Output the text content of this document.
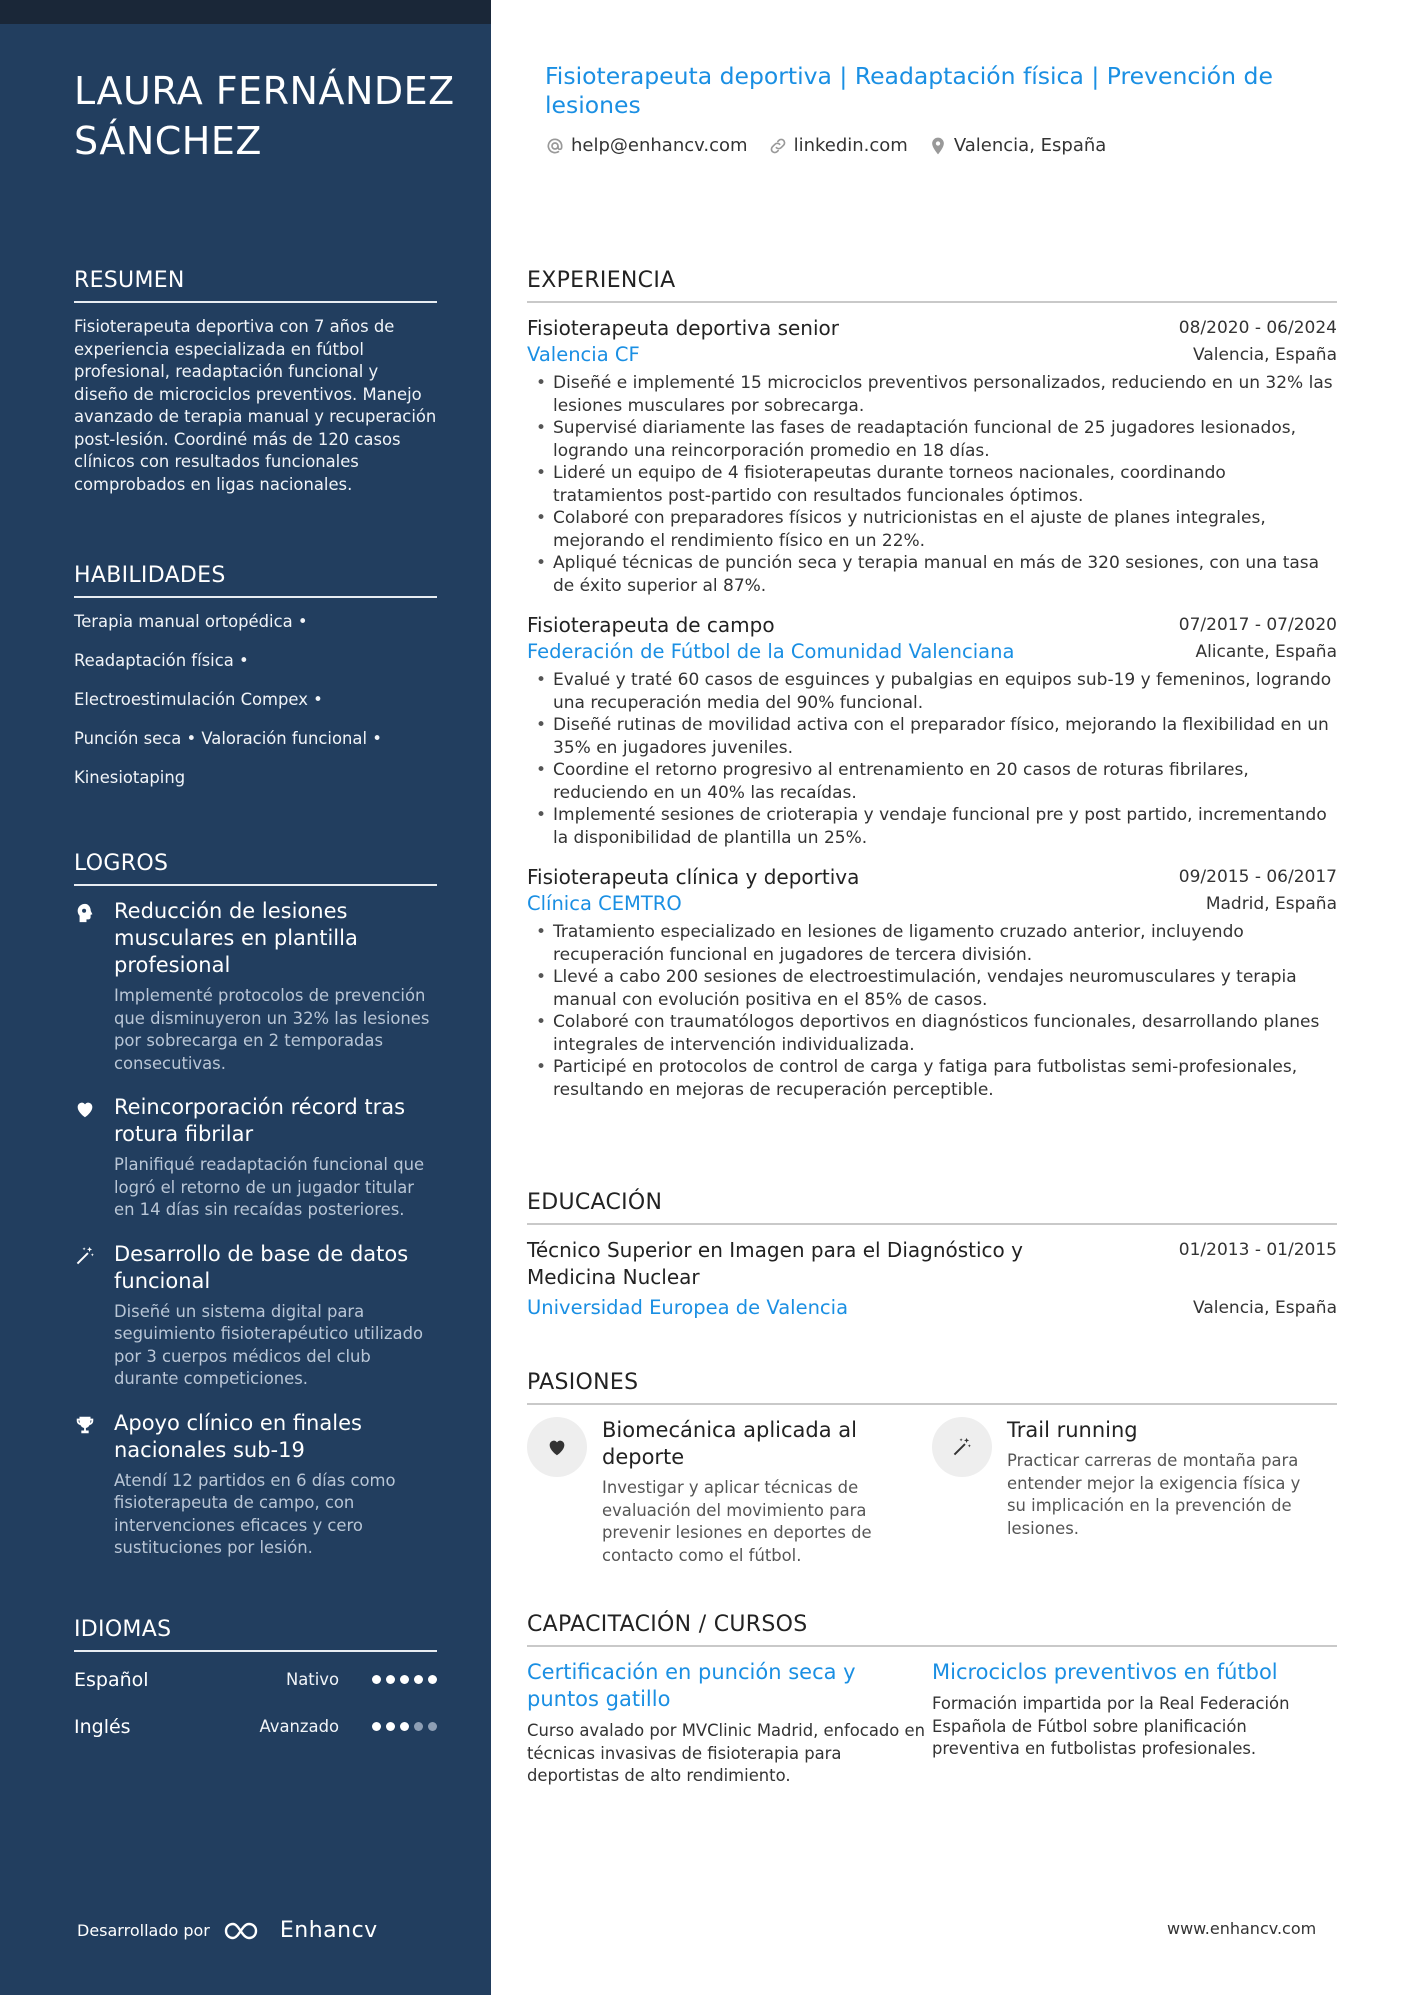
LAURA FERNÁNDEZ SÁNCHEZ
RESUMEN
Fisioterapeuta deportiva con 7 años de experiencia especializada en fútbol profesional, readaptación funcional y diseño de microciclos preventivos. Manejo avanzado de terapia manual y recuperación post-lesión. Coordiné más de 120 casos clínicos con resultados funcionales comprobados en ligas nacionales.
HABILIDADES
Terapia manual ortopédica •
Readaptación física •
Electroestimulación Compex •
Punción seca • Valoración funcional •
Kinesiotaping
LOGROS
Reducción de lesiones musculares en plantilla profesional
Implementé protocolos de prevención que disminuyeron un 32% las lesiones por sobrecarga en 2 temporadas consecutivas.
Reincorporación récord tras rotura fibrilar
Planifiqué readaptación funcional que logró el retorno de un jugador titular en 14 días sin recaídas posteriores.
Desarrollo de base de datos funcional
Diseñé un sistema digital para seguimiento fisioterapéutico utilizado por 3 cuerpos médicos del club durante competiciones.
Apoyo clínico en finales nacionales sub-19
Atendí 12 partidos en 6 días como fisioterapeuta de campo, con intervenciones eficaces y cero sustituciones por lesión.
IDIOMAS
Español	Nativo
Inglés	Avanzado
Desarrollado por	Enhancv
Fisioterapeuta deportiva | Readaptación física | Prevención de lesiones
help@enhancv.com	linkedin.com	Valencia, España
EXPERIENCIA
Fisioterapeuta deportiva senior	08/2020 - 06/2024
Valencia CF	Valencia, España
• Diseñé e implementé 15 microciclos preventivos personalizados, reduciendo en un 32% las lesiones musculares por sobrecarga.
• Supervisé diariamente las fases de readaptación funcional de 25 jugadores lesionados, logrando una reincorporación promedio en 18 días.
• Lideré un equipo de 4 fisioterapeutas durante torneos nacionales, coordinando tratamientos post-partido con resultados funcionales óptimos.
• Colaboré con preparadores físicos y nutricionistas en el ajuste de planes integrales, mejorando el rendimiento físico en un 22%.
• Apliqué técnicas de punción seca y terapia manual en más de 320 sesiones, con una tasa de éxito superior al 87%.
Fisioterapeuta de campo	07/2017 - 07/2020
Federación de Fútbol de la Comunidad Valenciana	Alicante, España
• Evalué y traté 60 casos de esguinces y pubalgias en equipos sub-19 y femeninos, logrando una recuperación media del 90% funcional.
• Diseñé rutinas de movilidad activa con el preparador físico, mejorando la flexibilidad en un 35% en jugadores juveniles.
• Coordine el retorno progresivo al entrenamiento en 20 casos de roturas fibrilares, reduciendo en un 40% las recaídas.
• Implementé sesiones de crioterapia y vendaje funcional pre y post partido, incrementando la disponibilidad de plantilla un 25%.
Fisioterapeuta clínica y deportiva	09/2015 - 06/2017
Clínica CEMTRO	Madrid, España
• Tratamiento especializado en lesiones de ligamento cruzado anterior, incluyendo recuperación funcional en jugadores de tercera división.
• Llevé a cabo 200 sesiones de electroestimulación, vendajes neuromusculares y terapia manual con evolución positiva en el 85% de casos.
• Colaboré con traumatólogos deportivos en diagnósticos funcionales, desarrollando planes integrales de intervención individualizada.
• Participé en protocolos de control de carga y fatiga para futbolistas semi-profesionales, resultando en mejoras de recuperación perceptible.
EDUCACIÓN
Técnico Superior en Imagen para el Diagnóstico y Medicina Nuclear
01/2013 - 01/2015
Universidad Europea de Valencia	Valencia, España
PASIONES
Biomecánica aplicada al deporte
Investigar y aplicar técnicas de evaluación del movimiento para prevenir lesiones en deportes de contacto como el fútbol.
Trail running
Practicar carreras de montaña para entender mejor la exigencia física y su implicación en la prevención de lesiones.
CAPACITACIÓN / CURSOS
Certificación en punción seca y puntos gatillo
Curso avalado por MVClinic Madrid, enfocado en técnicas invasivas de fisioterapia para deportistas de alto rendimiento.
Microciclos preventivos en fútbol
Formación impartida por la Real Federación Española de Fútbol sobre planificación preventiva en futbolistas profesionales.
www.enhancv.com
